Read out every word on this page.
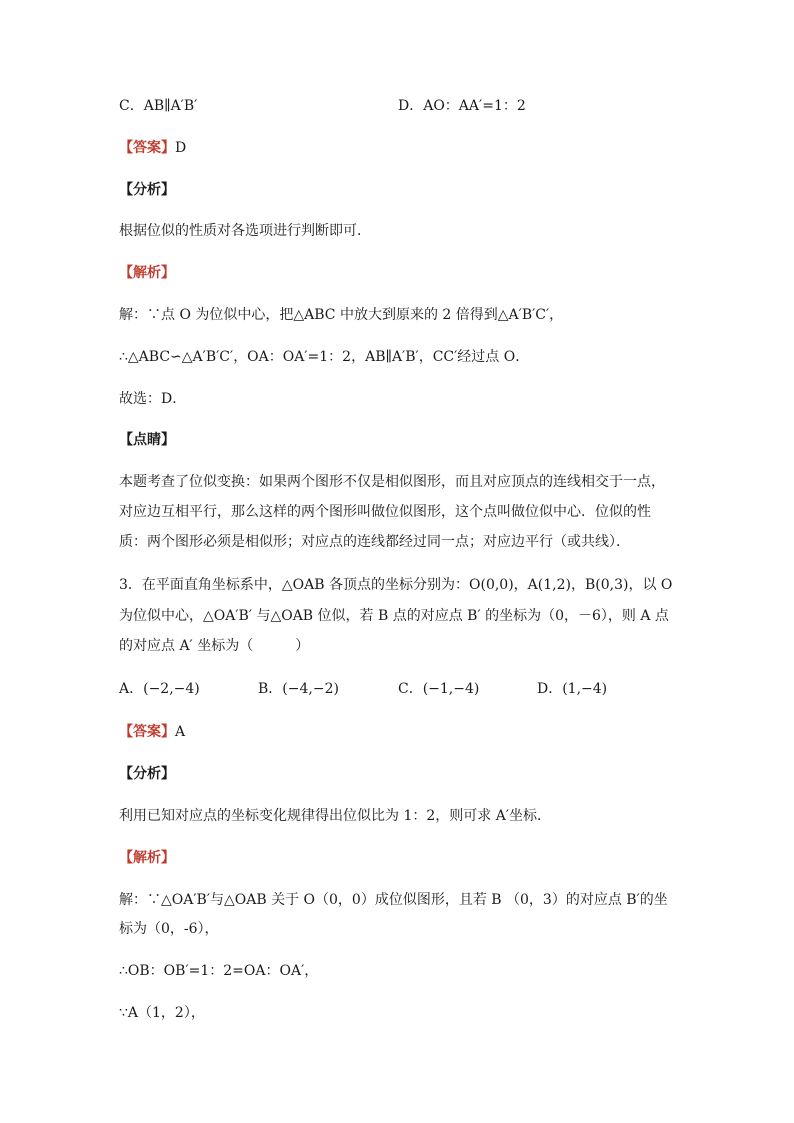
C．AB∥A′B′	D．AO：AA′=1：2
【答案】D
【分析】
根据位似的性质对各选项进行判断即可．
【解析】
解：∵点 O 为位似中心，把△ABC 中放大到原来的 2 倍得到△A′B′C′，
∴△ABC∽△A′B′C′，OA：OA′=1：2，AB∥A′B′，CC′经过点 O．
故选：D．
【点睛】
本题考查了位似变换：如果两个图形不仅是相似图形，而且对应顶点的连线相交于一点，
对应边互相平行，那么这样的两个图形叫做位似图形，这个点叫做位似中心．位似的性
质：两个图形必须是相似形；对应点的连线都经过同一点；对应边平行（或共线）．
3．在平面直角坐标系中，△OAB 各顶点的坐标分别为：O(0,0)，A(1,2)，B(0,3)，以 O
为位似中心，△OA′B′ 与△OAB 位似，若 B 点的对应点 B′ 的坐标为（0，－6），则 A 点
的对应点 A′ 坐标为（　　　）
A．(−2,−4)	B．(−4,−2)	C．(−1,−4)	D．(1,−4)
【答案】A
【分析】
利用已知对应点的坐标变化规律得出位似比为 1：2，则可求 A′坐标．
【解析】
解：∵△OA′B′与△OAB 关于 O（0，0）成位似图形，且若 B （0，3）的对应点 B′的坐
标为（0，-6），
∴OB：OB′=1：2=OA：OA′，
∵A（1，2），
